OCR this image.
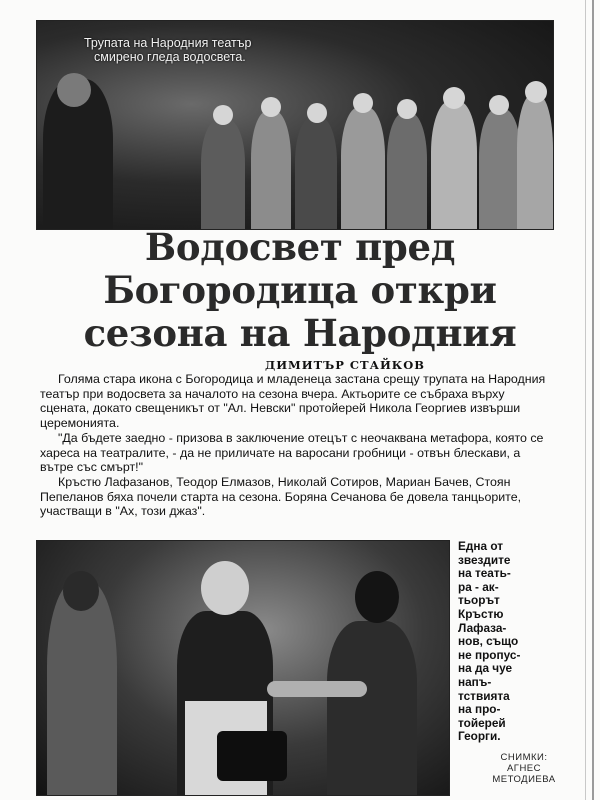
Трупата на Народния театър
смирено гледа водосвета.
Водосвет пред
Богородица откри
сезона на Народния
ДИМИТЪР СТАЙКОВ

Голяма стара икона с Богородица и младенеца застана срещу трупата на Народния театър при водосвета за началото на сезона вчера. Актьорите се събраха върху сцената, докато свещеникът от "Ал. Невски" протойерей Никола Георгиев извърши церемонията.

"Да бъдете заедно - призова в заключение отецът с неочаквана метафора, която се хареса на театралите, - да не приличате на варосани гробници - отвън блескави, а вътре със смърт!"

Кръстю Лафазанов, Теодор Елмазов, Николай Сотиров, Мариан Бачев, Стоян Пепеланов бяха почели старта на сезона. Боряна Сечанова бе довела танцьорите, участващи в "Ах, този джаз".

Една от
звездите
на теать-
ра - ак-
тьорът
Кръстю
Лафаза-
нов, също
не пропус-
на да чуе
напъ-
тствията
на про-
тойерей
Георги.
СНИМКИ:
АГНЕС
МЕТОДИЕВА
